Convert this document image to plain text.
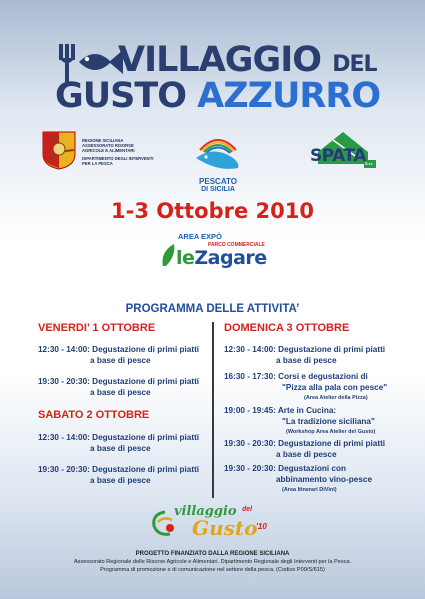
VILLAGGIO DEL
GUSTO AZZURRO
REGIONE SICILIANA
ASSESSORATO RISORSE
AGRICOLE E ALIMENTARI
DIPARTIMENTO DEGLI INTERVENTI
PER LA PESCA
PESCATO
DI SICILIA
SPATA S.r.l.
1-3 Ottobre 2010
AREA EXPÒ
PARCO COMMERCIALE
leZagare
PROGRAMMA DELLE ATTIVITA’
VENERDI’ 1 OTTOBRE
12:30 - 14:00: Degustazione di primi piatti
a base di pesce
19:30 - 20:30: Degustazione di primi piatti
a base di pesce
SABATO 2 OTTOBRE
12:30 - 14:00: Degustazione di primi piatti
a base di pesce
19:30 - 20:30: Degustazione di primi piatti
a base di pesce
DOMENICA 3 OTTOBRE
12:30 - 14:00: Degustazione di primi piatti
a base di pesce
16:30 - 17:30: Corsi e degustazioni di
"Pizza alla pala con pesce"
(Area Atelier della Pizza)
19:00 - 19:45: Arte in Cucina:
"La tradizione siciliana"
(Workshop Area Atelier del Gusto)
19:30 - 20:30: Degustazione di primi piatti
a base di pesce
19:30 - 20:30: Degustazioni con
abbinamento vino-pesce
(Area Itinerari DiVini)
villaggio del
Gusto
'10
PROGETTO FINANZIATO DALLA REGIONE SICILIANA
Assessorato Regionale delle Risorse Agricole e Alimentari. Dipartimento Regionale degli Interventi per la Pesca.
Programma di promozione e di comunicazione nel settore della pesca. (Codice P09/S/615)
